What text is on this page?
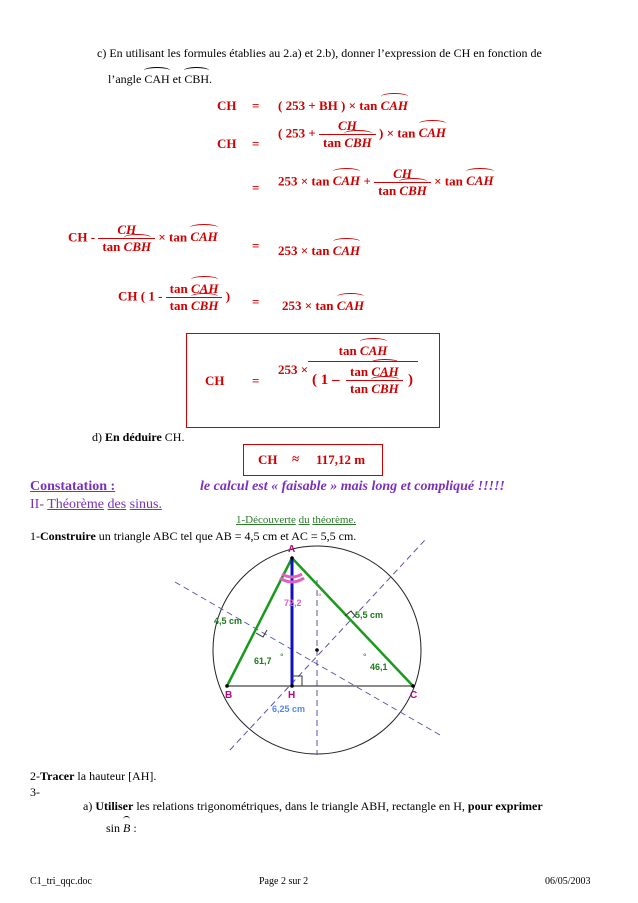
c) En utilisant les formules établies au 2.a) et 2.b), donner l’expression de CH en fonction de
l’angle CAH et CBH.
CH = ( 253 + BH ) × tan CAH
CH =
( $253 + \frac{CH}{\text{tan CBH}}$ ) × tan CAH
= 253 × tan CAH + $\frac{CH}{\text{tan CBH}} \times \tan$ CAH
CH - $\frac{CH}{\text{tan CBH}} \times \tan$ CAH
= 253 × tan CAH
CH ( $1 - \frac{\text{tan CAH}}{\text{tan CBH}}$ ) = 253 × tan CAH
CH =
253 ×
tan CAH
( 1 –
tan CAH
tan CBH
)
d) En déduire CH.
CH ≈ 117,12 m
Constatation :	le calcul est « faisable » mais long et compliqué !!!!!
II- Théorème des sinus.
1-Découverte du théorème.
1-Construire un triangle ABC tel que AB = 4,5 cm et AC = 5,5 cm.
A
B	C
H
4,5 cm
5,5 cm
72,2
°
61,7 °
46,1
°
6,25 cm
2-Tracer la hauteur [AH].
3-
a) Utiliser les relations trigonométriques, dans le triangle ABH, rectangle en H, pour exprimer
sin B :
C1_tri_qqc.doc	Page 2 sur 2	06/05/2003
